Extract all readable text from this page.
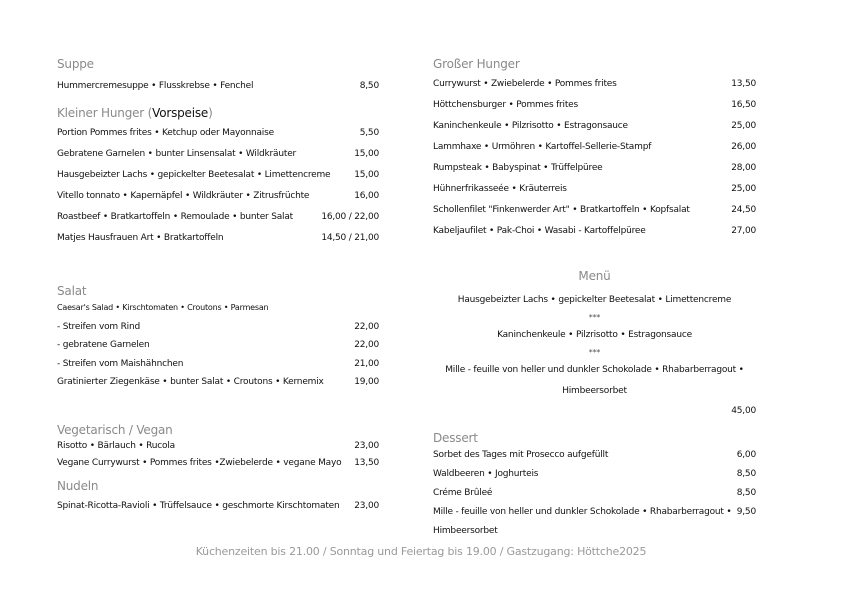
Suppe
Hummercremesuppe • Flusskrebse • Fenchel	8,50
Kleiner Hunger (Vorspeise)
Portion Pommes frites • Ketchup oder Mayonnaise	5,50
Gebratene Garnelen • bunter Linsensalat • Wildkräuter	15,00
Hausgebeizter Lachs • gepickelter Beetesalat • Limettencreme	15,00
Vitello tonnato • Kapernäpfel • Wildkräuter • Zitrusfrüchte	16,00
Roastbeef • Bratkartoffeln • Remoulade • bunter Salat	16,00 / 22,00
Matjes Hausfrauen Art • Bratkartoffeln	14,50 / 21,00
Salat
Caesar's Salad • Kirschtomaten • Croutons • Parmesan
- Streifen vom Rind	22,00
- gebratene Garnelen	22,00
- Streifen vom Maishähnchen	21,00
Gratinierter Ziegenkäse • bunter Salat • Croutons • Kernemix	19,00
Vegetarisch / Vegan
Risotto • Bärlauch • Rucola	23,00
Vegane Currywurst • Pommes frites •Zwiebelerde • vegane Mayo 13,50
Nudeln
Spinat-Ricotta-Ravioli • Trüffelsauce • geschmorte Kirschtomaten 23,00
Großer Hunger
Currywurst • Zwiebelerde • Pommes frites	13,50
Höttchensburger • Pommes frites	16,50
Kaninchenkeule • Pilzrisotto • Estragonsauce	25,00
Lammhaxe • Urmöhren • Kartoffel-Sellerie-Stampf	26,00
Rumpsteak • Babyspinat • Trüffelpüree	28,00
Hühnerfrikasseée • Kräuterreis	25,00
Schollenfilet "Finkenwerder Art" • Bratkartoffeln • Kopfsalat	24,50
Kabeljaufilet • Pak-Choi • Wasabi - Kartoffelpüree	27,00
Menü
Hausgebeizter Lachs • gepickelter Beetesalat • Limettencreme
***
Kaninchenkeule • Pilzrisotto • Estragonsauce
***
Mille - feuille von heller und dunkler Schokolade • Rhabarberragout •
Himbeersorbet
45,00
Dessert
Sorbet des Tages mit Prosecco aufgefüllt	6,00
Waldbeeren • Joghurteis	8,50
Créme Brûleé	8,50
Mille - feuille von heller und dunkler Schokolade • Rhabarberragout • 9,50
Himbeersorbet
Küchenzeiten bis 21.00 / Sonntag und Feiertag bis 19.00 / Gastzugang: Höttche2025
